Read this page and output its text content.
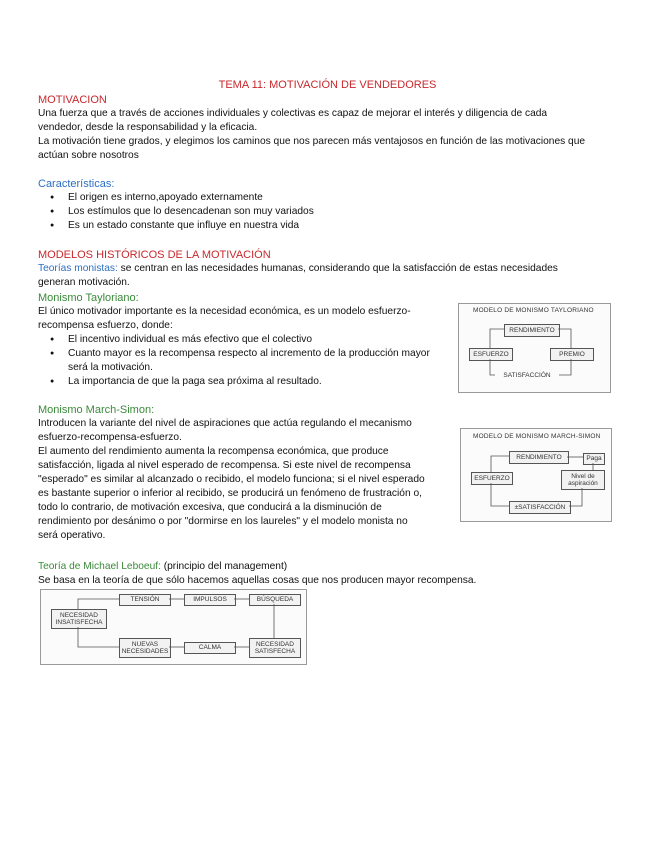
TEMA 11: MOTIVACIÓN DE VENDEDORES
MOTIVACION
Una fuerza que a través de acciones individuales y colectivas es capaz de mejorar el interés y diligencia de cada
vendedor, desde la responsabilidad y la eficacia.
La motivación tiene grados, y elegimos los caminos que nos parecen más ventajosos en función de las motivaciones que
actúan sobre nosotros
Características:
● El origen es interno,apoyado externamente
● Los estímulos que lo desencadenan son muy variados
● Es un estado constante que influye en nuestra vida
MODELOS HISTÓRICOS DE LA MOTIVACIÓN
Teorías monistas: se centran en las necesidades humanas, considerando que la satisfacción de estas necesidades
generan motivación.
Monismo Tayloriano:
El único motivador importante es la necesidad económica, es un modelo esfuerzo-
recompensa esfuerzo, donde:
● El incentivo individual es más efectivo que el colectivo
● Cuanto mayor es la recompensa respecto al incremento de la producción mayor
será la motivación.
● La importancia de que la paga sea próxima al resultado.
MODELO DE MONISMO TAYLORIANO
RENDIMIENTO
ESFUERZO	PREMIO
SATISFACCIÓN
Monismo March-Simon:
Introducen la variante del nivel de aspiraciones que actúa regulando el mecanismo
esfuerzo-recompensa-esfuerzo.
El aumento del rendimiento aumenta la recompensa económica, que produce
satisfacción, ligada al nivel esperado de recompensa. Si este nivel de recompensa
"esperado" es similar al alcanzado o recibido, el modelo funciona; si el nivel esperado
es bastante superior o inferior al recibido, se producirá un fenómeno de frustración o,
todo lo contrario, de motivación excesiva, que conducirá a la disminución de
rendimiento por desánimo o por "dormirse en los laureles" y el modelo monista no
será operativo.
MODELO DE MONISMO MARCH-SIMON
RENDIMIENTO	Paga
ESFUERZO	Nivel de aspiración
±SATISFACCIÓN
Teoría de Michael Leboeuf: (principio del management)
Se basa en la teoría de que sólo hacemos aquellas cosas que nos producen mayor recompensa.
NECESIDAD INSATISFECHA
TENSIÓN	IMPULSOS	BÚSQUEDA
NUEVAS NECESIDADES
CALMA
NECESIDAD SATISFECHA
